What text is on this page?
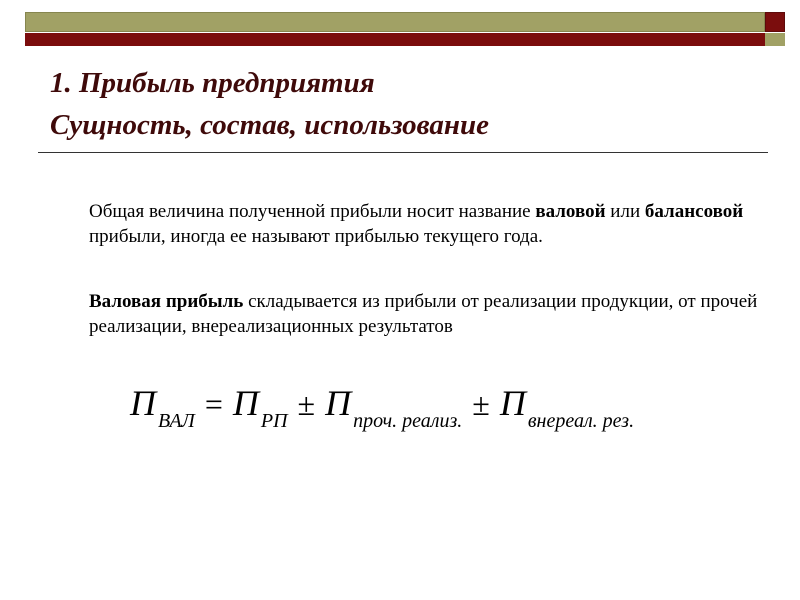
1. Прибыль предприятия
Сущность, состав, использование

Общая величина полученной прибыли носит название валовой или балансовой прибыли, иногда ее называют прибылью текущего года.

Валовая прибыль складывается из прибыли от реализации продукции, от прочей реализации, внереализационных результатов

ПВАЛ = П РП ± П проч. реализ. ± П внереал. рез.
